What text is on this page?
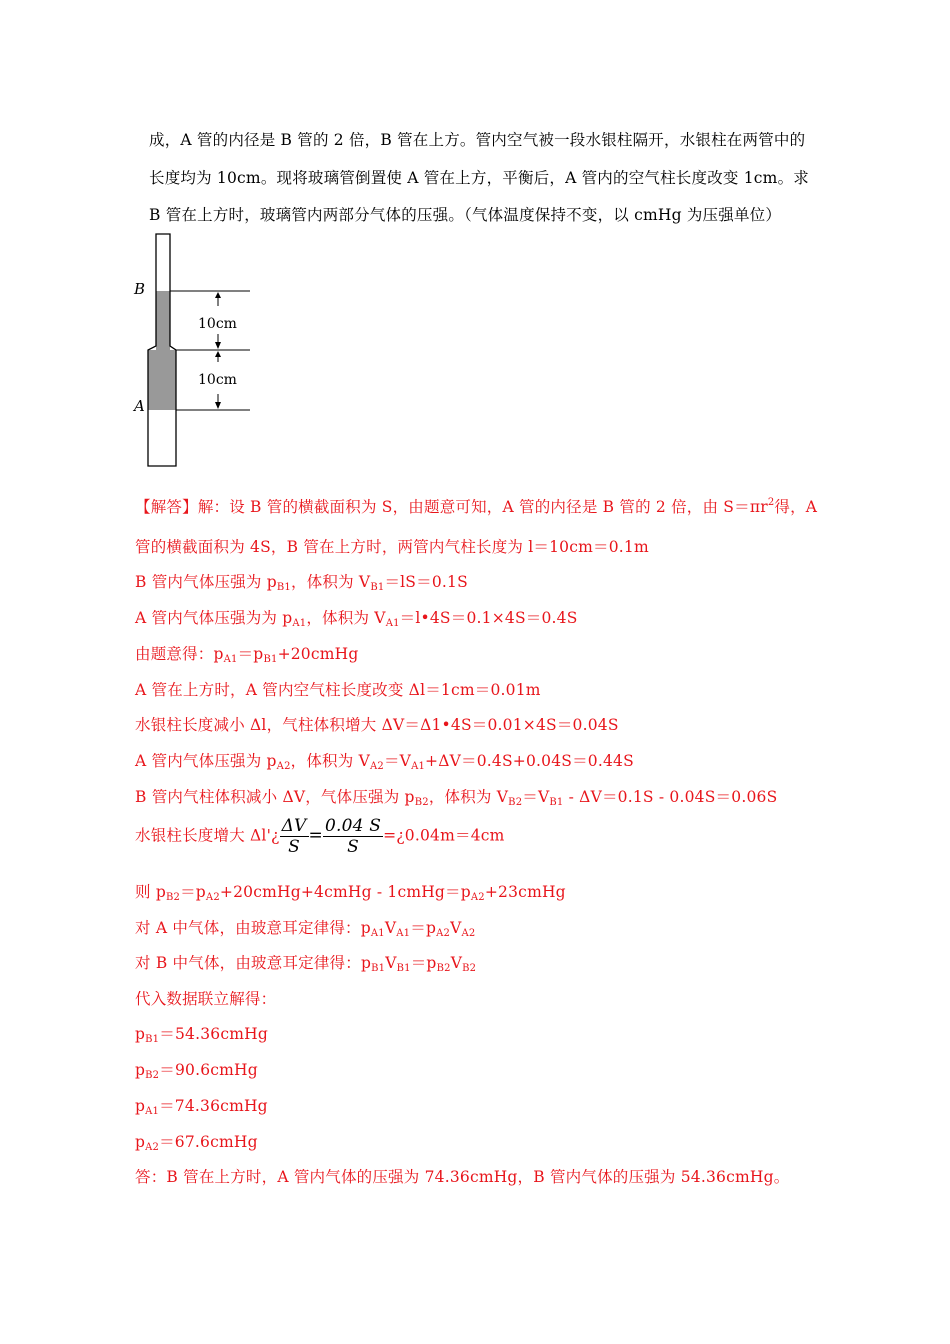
成，A 管的内径是 B 管的 2 倍，B 管在上方。管内空气被一段水银柱隔开，水银柱在两管中的

长度均为 10cm。现将玻璃管倒置使 A 管在上方，平衡后，A 管内的空气柱长度改变 1cm。求

B 管在上方时，玻璃管内两部分气体的压强。（气体温度保持不变，以 cmHg 为压强单位）

10cm
10cm
B
A

【解答】解：设 B 管的横截面积为 S，由题意可知，A 管的内径是 B 管的 2 倍，由 $S=\pi r^2$得，A

管的横截面积为 4S，B 管在上方时，两管内气柱长度为 l＝10cm＝0.1m

B 管内气体压强为 $p_{B1}$，体积为 $V_{B1}=lS=0.1S$

A 管内气体压强为为 $p_{A1}$，体积为 $V_{A1}=l•4S=0.1\times 4S=0.4S$

由题意得：$p_{A1}=p_{B1}+20cmHg$

A 管在上方时，A 管内空气柱长度改变 Δl＝1cm＝0.01m

水银柱长度减小 Δl，气柱体积增大 ΔV＝Δ1•4S＝0.01×4S＝0.04S

A 管内气体压强为 $p_{A2}$，体积为 $V_{A2}=V_{A1}+\Delta V=0.4S+0.04S=0.44S$

B 管内气柱体积减小 ΔV，气体压强为 $p_{B2}$，体积为 $V_{B2}=V_{B1} - \Delta V=0.1S - 0.04S=0.06S$

水银柱长度增大 Δl'¿ $\frac{\Delta V}{S} = \frac{0.04 S}{S}$ =¿0.04m＝4cm

则 $p_{B2}=p_{A2}+20cmHg+4cmHg$ - $1cmHg=p_{A2}+23cmHg$

对 A 中气体，由玻意耳定律得：$p_{A1}V_{A1}=p_{A2}V_{A2}$

对 B 中气体，由玻意耳定律得：$p_{B1}V_{B1}=p_{B2}V_{B2}$

代入数据联立解得：

$p_{B1}=54.36cmHg$

$p_{B2}=90.6cmHg$

$p_{A1}=74.36cmHg$

$p_{A2}=67.6cmHg$

答：B 管在上方时，A 管内气体的压强为 74.36cmHg，B 管内气体的压强为 54.36cmHg。
